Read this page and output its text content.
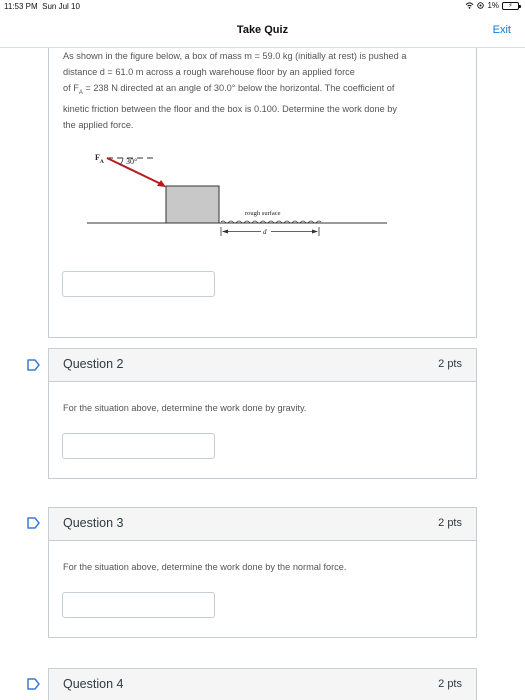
11:53 PM Sun Jul 10	1%	⚡
Take Quiz	Exit
As shown in the figure below, a box of mass m = 59.0 kg (initially at rest) is pushed a
distance d = 61.0 m across a rough warehouse floor by an applied force
of $F_A = 238$ N directed at an angle of 30.0° below the horizontal. The coefficient of
kinetic friction between the floor and the box is 0.100. Determine the work done by
the applied force.
$F_A$	30°
rough surface
d
Question 2	2 pts
For the situation above, determine the work done by gravity.
Question 3	2 pts
For the situation above, determine the work done by the normal force.
Question 4	2 pts
